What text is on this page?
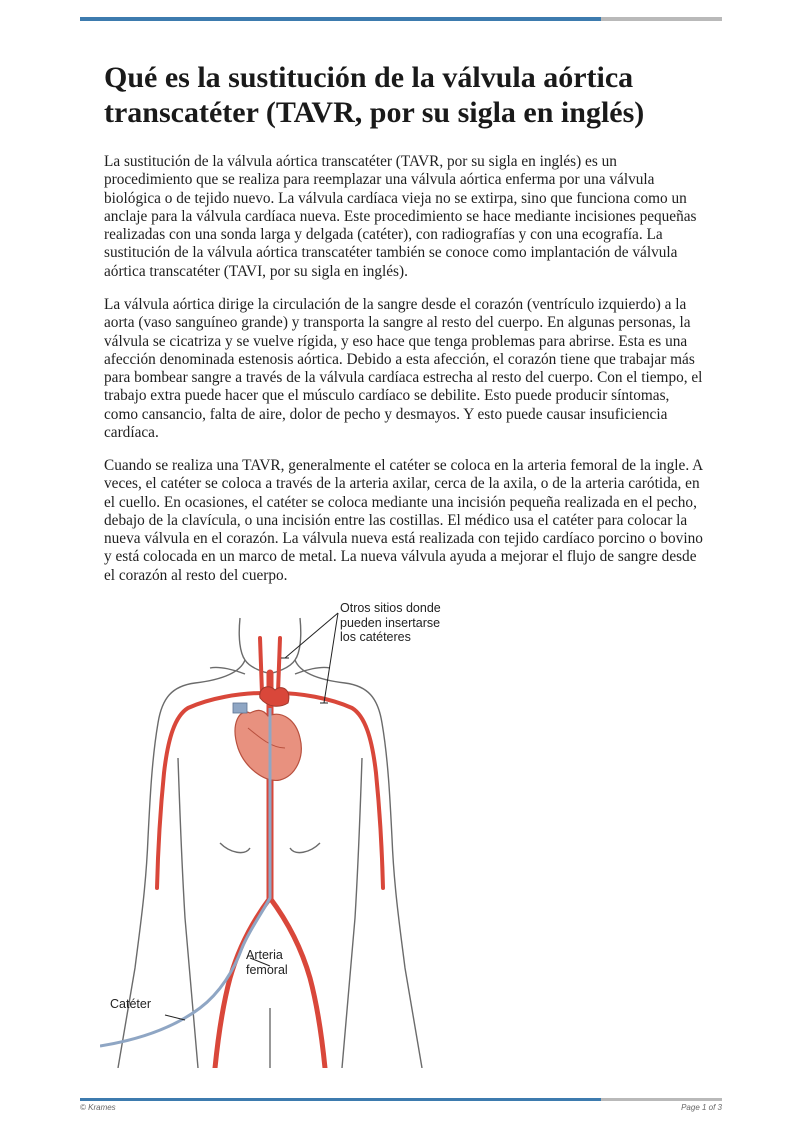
Qué es la sustitución de la válvula aórtica transcatéter (TAVR, por su sigla en inglés)

La sustitución de la válvula aórtica transcatéter (TAVR, por su sigla en inglés) es un procedimiento que se realiza para reemplazar una válvula aórtica enferma por una válvula biológica o de tejido nuevo. La válvula cardíaca vieja no se extirpa, sino que funciona como un anclaje para la válvula cardíaca nueva. Este procedimiento se hace mediante incisiones pequeñas realizadas con una sonda larga y delgada (catéter), con radiografías y con una ecografía. La sustitución de la válvula aórtica transcatéter también se conoce como implantación de válvula aórtica transcatéter (TAVI, por su sigla en inglés).

La válvula aórtica dirige la circulación de la sangre desde el corazón (ventrículo izquierdo) a la aorta (vaso sanguíneo grande) y transporta la sangre al resto del cuerpo. En algunas personas, la válvula se cicatriza y se vuelve rígida, y eso hace que tenga problemas para abrirse. Esta es una afección denominada estenosis aórtica. Debido a esta afección, el corazón tiene que trabajar más para bombear sangre a través de la válvula cardíaca estrecha al resto del cuerpo. Con el tiempo, el trabajo extra puede hacer que el músculo cardíaco se debilite. Esto puede producir síntomas, como cansancio, falta de aire, dolor de pecho y desmayos. Y esto puede causar insuficiencia cardíaca.

Cuando se realiza una TAVR, generalmente el catéter se coloca en la arteria femoral de la ingle. A veces, el catéter se coloca a través de la arteria axilar, cerca de la axila, o de la arteria carótida, en el cuello. En ocasiones, el catéter se coloca mediante una incisión pequeña realizada en el pecho, debajo de la clavícula, o una incisión entre las costillas. El médico usa el catéter para colocar la nueva válvula en el corazón. La válvula nueva está realizada con tejido cardíaco porcino o bovino y está colocada en un marco de metal. La nueva válvula ayuda a mejorar el flujo de sangre desde el corazón al resto del cuerpo.

Otros sitios donde pueden insertarse los catéteres
Arteria femoral
Catéter
© Krames	Page 1 of 3
